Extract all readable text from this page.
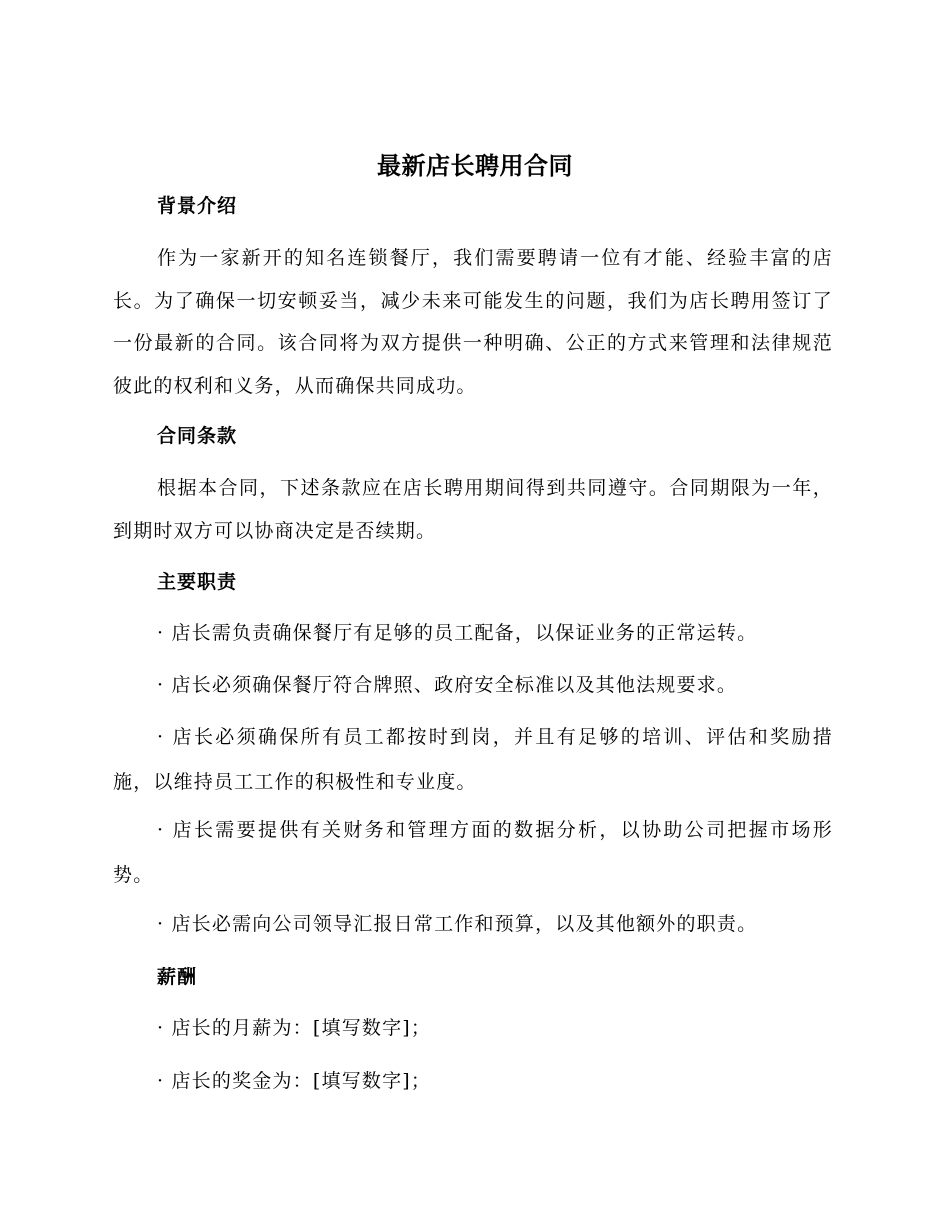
最新店长聘用合同
背景介绍
作为一家新开的知名连锁餐厅，我们需要聘请一位有才能、经验丰富的店长。为了确保一切安顿妥当，减少未来可能发生的问题，我们为店长聘用签订了一份最新的合同。该合同将为双方提供一种明确、公正的方式来管理和法律规范彼此的权利和义务，从而确保共同成功。
合同条款
根据本合同，下述条款应在店长聘用期间得到共同遵守。合同期限为一年，到期时双方可以协商决定是否续期。
主要职责
· 店长需负责确保餐厅有足够的员工配备，以保证业务的正常运转。
· 店长必须确保餐厅符合牌照、政府安全标准以及其他法规要求。
· 店长必须确保所有员工都按时到岗，并且有足够的培训、评估和奖励措施，以维持员工工作的积极性和专业度。
· 店长需要提供有关财务和管理方面的数据分析，以协助公司把握市场形势。
· 店长必需向公司领导汇报日常工作和预算，以及其他额外的职责。
薪酬
· 店长的月薪为：[填写数字]；
· 店长的奖金为：[填写数字]；
